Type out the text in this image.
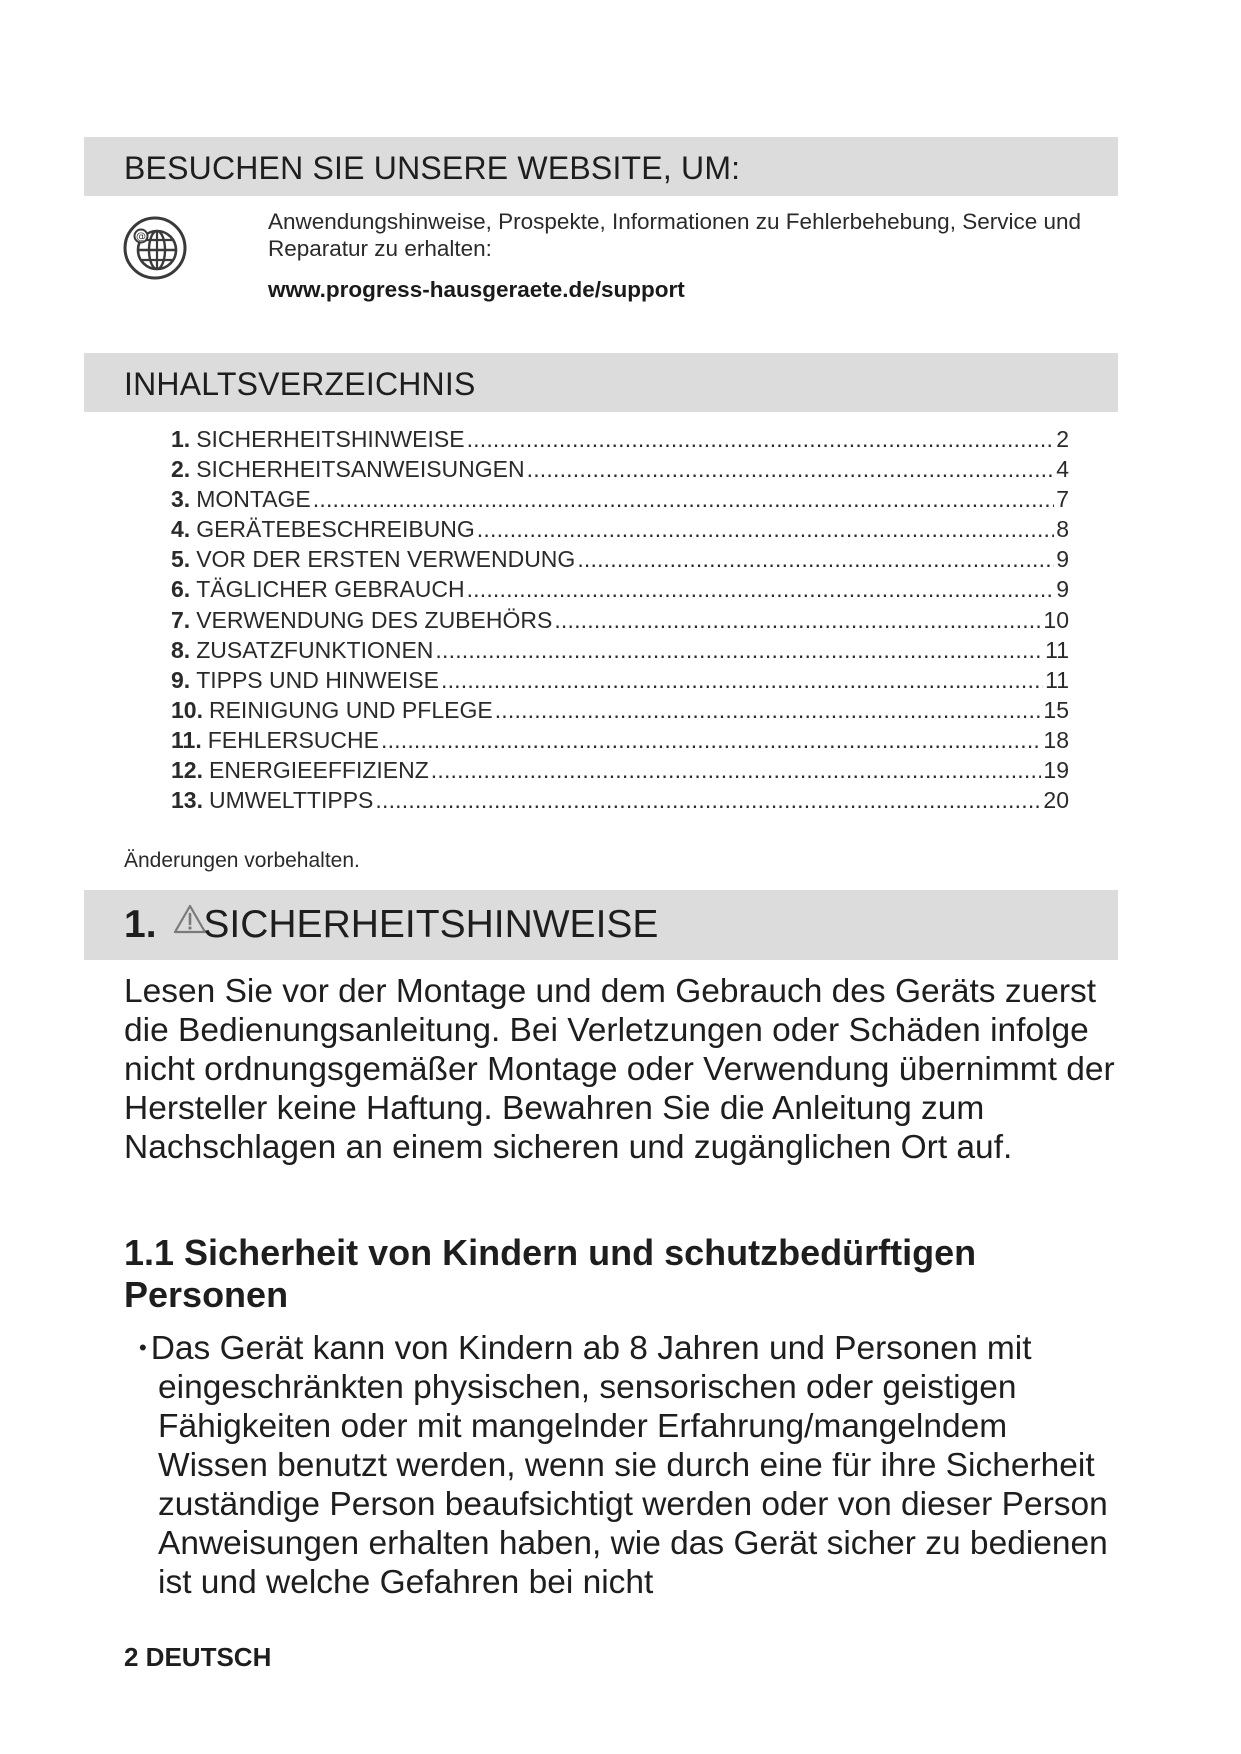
BESUCHEN SIE UNSERE WEBSITE, UM:
@
Anwendungshinweise, Prospekte, Informationen zu Fehlerbehebung, Service und Reparatur zu erhalten:
www.progress-hausgeraete.de/support
INHALTSVERZEICHNIS
1. SICHERHEITSHINWEISE .....	2
2. SICHERHEITSANWEISUNGEN .....	4
3. MONTAGE .....	7
4. GERÄTEBESCHREIBUNG .....	8
5. VOR DER ERSTEN VERWENDUNG .....	9
6. TÄGLICHER GEBRAUCH .....	9
7. VERWENDUNG DES ZUBEHÖRS .....	10
8. ZUSATZFUNKTIONEN .....	11
9. TIPPS UND HINWEISE .....	11
10. REINIGUNG UND PFLEGE .....	15
11. FEHLERSUCHE .....	18
12. ENERGIEEFFIZIENZ .....	19
13. UMWELTTIPPS .....	20
Änderungen vorbehalten.
1. SICHERHEITSHINWEISE
Lesen Sie vor der Montage und dem Gebrauch des Geräts zuerst die Bedienungsanleitung. Bei Verletzungen oder Schäden infolge nicht ordnungsgemäßer Montage oder Verwendung übernimmt der Hersteller keine Haftung. Bewahren Sie die Anleitung zum Nachschlagen an einem sicheren und zugänglichen Ort auf.
1.1 Sicherheit von Kindern und schutzbedürftigen Personen
• Das Gerät kann von Kindern ab 8 Jahren und Personen mit eingeschränkten physischen, sensorischen oder geistigen Fähigkeiten oder mit mangelnder Erfahrung/mangelndem Wissen benutzt werden, wenn sie durch eine für ihre Sicherheit zuständige Person beaufsichtigt werden oder von dieser Person Anweisungen erhalten haben, wie das Gerät sicher zu bedienen ist und welche Gefahren bei nicht
2 DEUTSCH
